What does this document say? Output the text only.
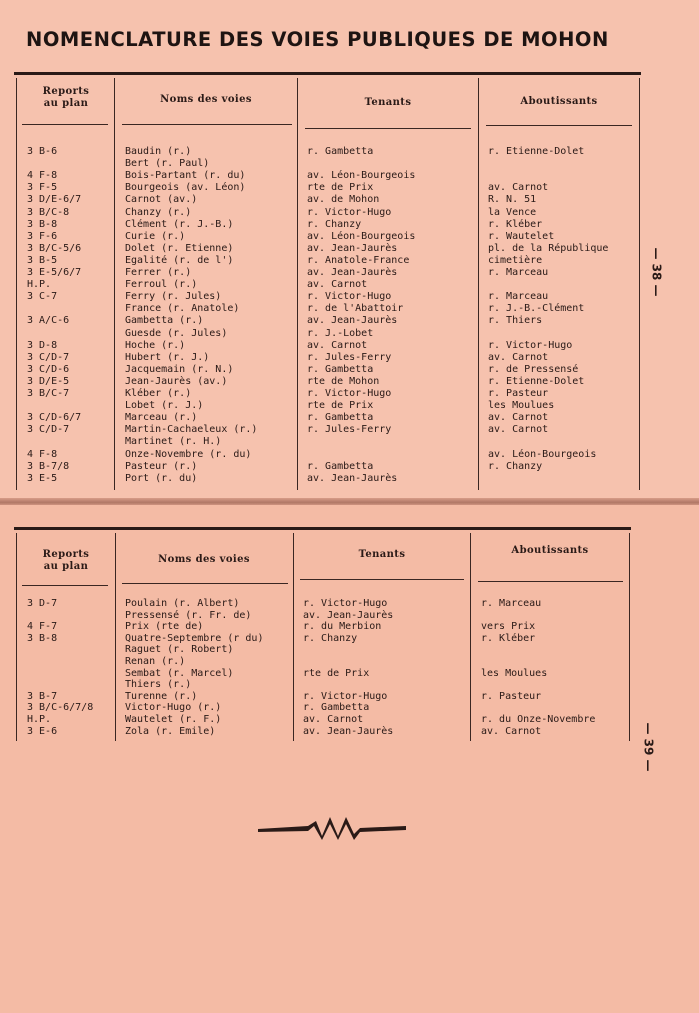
NOMENCLATURE DES VOIES PUBLIQUES DE MOHON
Reports
au plan	Noms des voies	Tenants	Aboutissants
3 B-6	Baudin (r.)	r. Gambetta	r. Etienne-Dolet
Bert (r. Paul)
4 F-8	Bois-Partant (r. du)	av. Léon-Bourgeois
3 F-5	Bourgeois (av. Léon)	rte de Prix	av. Carnot
3 D/E-6/7	Carnot (av.)	av. de Mohon	R. N. 51
3 B/C-8	Chanzy (r.)	r. Victor-Hugo	la Vence
3 B-8	Clément (r. J.-B.)	r. Chanzy	r. Kléber
3 F-6	Curie (r.)	av. Léon-Bourgeois	r. Wautelet
3 B/C-5/6	Dolet (r. Etienne)	av. Jean-Jaurès	pl. de la République
3 B-5	Egalité (r. de l')	r. Anatole-France	cimetière
3 E-5/6/7	Ferrer (r.)	av. Jean-Jaurès	r. Marceau
H.P.	Ferroul (r.)	av. Carnot
3 C-7	Ferry (r. Jules)	r. Victor-Hugo	r. Marceau
France (r. Anatole)	r. de l'Abattoir	r. J.-B.-Clément
3 A/C-6	Gambetta (r.)	av. Jean-Jaurès	r. Thiers
Guesde (r. Jules)	r. J.-Lobet
3 D-8	Hoche (r.)	av. Carnot	r. Victor-Hugo
3 C/D-7	Hubert (r. J.)	r. Jules-Ferry	av. Carnot
3 C/D-6	Jacquemain (r. N.)	r. Gambetta	r. de Pressensé
3 D/E-5	Jean-Jaurès (av.)	rte de Mohon	r. Etienne-Dolet
3 B/C-7	Kléber (r.)	r. Victor-Hugo	r. Pasteur
Lobet (r. J.)	rte de Prix	les Moulues
3 C/D-6/7	Marceau (r.)	r. Gambetta	av. Carnot
3 C/D-7	Martin-Cachaeleux (r.)	r. Jules-Ferry	av. Carnot
Martinet (r. H.)
4 F-8	Onze-Novembre (r. du)	av. Léon-Bourgeois
3 B-7/8	Pasteur (r.)	r. Gambetta	r. Chanzy
3 E-5	Port (r. du)	av. Jean-Jaurès
— 38 —
Reports
au plan
Noms des voies	Tenants	Aboutissants
3 D-7	Poulain (r. Albert)	r. Victor-Hugo	r. Marceau
Pressensé (r. Fr. de)	av. Jean-Jaurès
4 F-7	Prix (rte de)	r. du Merbion	vers Prix
3 B-8	Quatre-Septembre (r du)	r. Chanzy	r. Kléber
Raguet (r. Robert)
Renan (r.)
Sembat (r. Marcel)	rte de Prix	les Moulues
Thiers (r.)
3 B-7	Turenne (r.)	r. Victor-Hugo	r. Pasteur
3 B/C-6/7/8	Victor-Hugo (r.)	r. Gambetta
H.P.	Wautelet (r. F.)	av. Carnot	r. du Onze-Novembre
3 E-6	Zola (r. Emile)	av. Jean-Jaurès	av. Carnot	— 39 —
